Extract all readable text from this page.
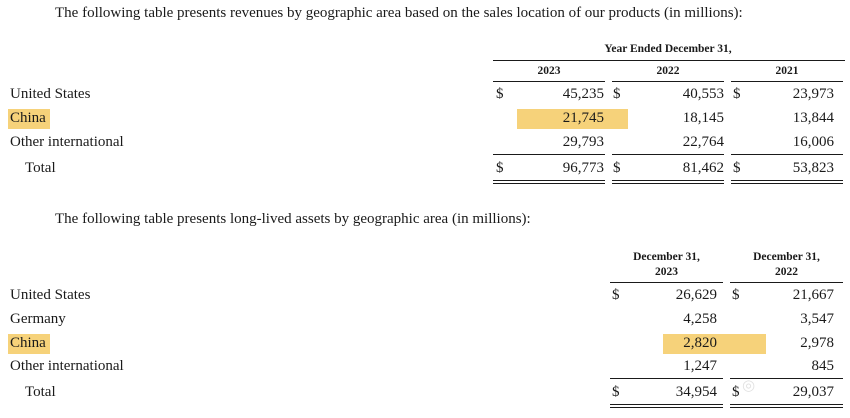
The following table presents revenues by geographic area based on the sales location of our products (in millions):
Year Ended December 31,
2023	2022	2021
United States	$	45,235 $	40,553 $	23,973
China	21,745	18,145	13,844
Other international	29,793	22,764	16,006
Total	$	96,773 $	81,462 $	53,823
The following table presents long-lived assets by geographic area (in millions):
December 31,
2023
December 31,
2022
United States	$	26,629 $	21,667
Germany	4,258	3,547
China	2,820	2,978
Other international	1,247	845
Total	$	34,954 $	29,037
◎
